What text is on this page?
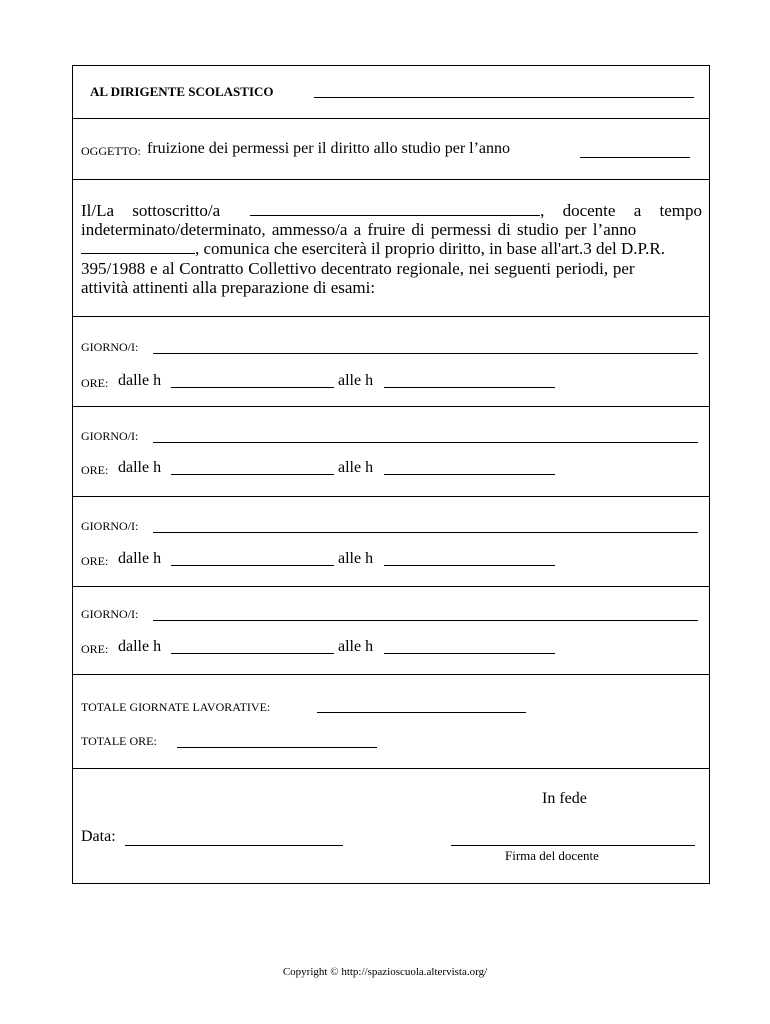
AL DIRIGENTE SCOLASTICO
OGGETTO: fruizione dei permessi per il diritto allo studio per l’anno
Il/La sottoscritto/a	, docente a tempo
indeterminato/determinato, ammesso/a a fruire di permessi di studio per l’anno
, comunica che eserciterà il proprio diritto, in base all'art.3 del D.P.R.
395/1988 e al Contratto Collettivo decentrato regionale, nei seguenti periodi, per
attività attinenti alla preparazione di esami:
GIORNO/I:
ORE: dalle h	alle h
GIORNO/I:
ORE: dalle h	alle h
GIORNO/I:
ORE: dalle h	alle h
GIORNO/I:
ORE: dalle h	alle h
TOTALE GIORNATE LAVORATIVE:
TOTALE ORE:
In fede
Data:
Firma del docente
Copyright © http://spazioscuola.altervista.org/
